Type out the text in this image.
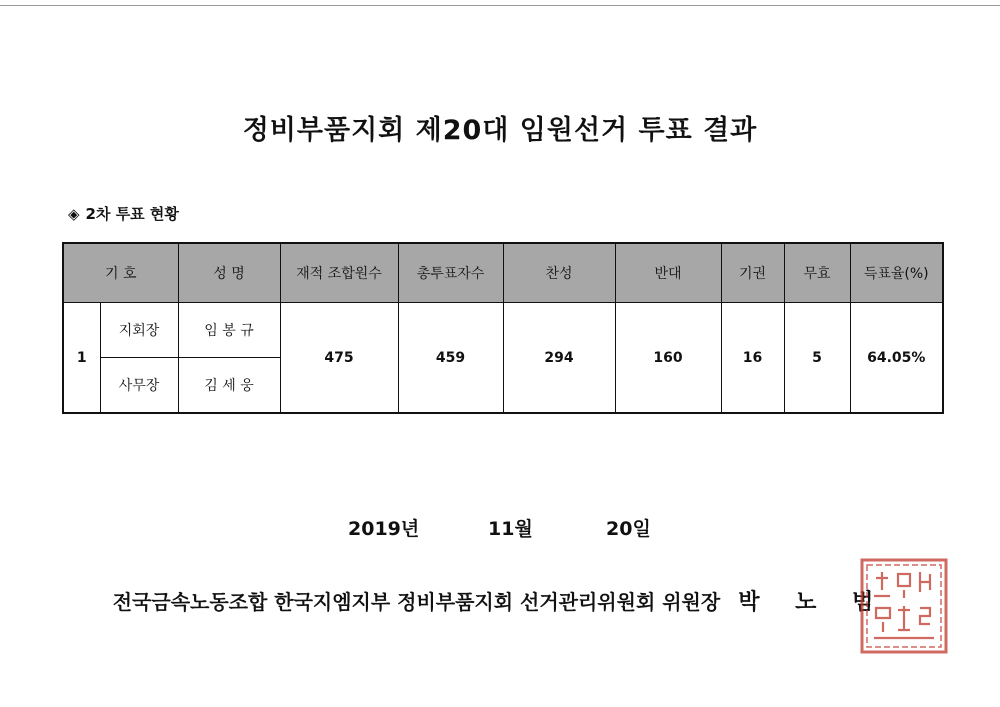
정비부품지회 제20대 임원선거 투표 결과
◈ 2차 투표 현황
기 호		성 명	재적 조합원수	총투표자수	찬성	반대	기권	무효	득표율(%)
1	지회장	임 봉 규	475	459	294	160	16	5	64.05%
	사무장	김 세 웅							
2019년	11월	20일
전국금속노동조합 한국지엠지부 정비부품지회 선거관리위원회 위원장 박 노 범
